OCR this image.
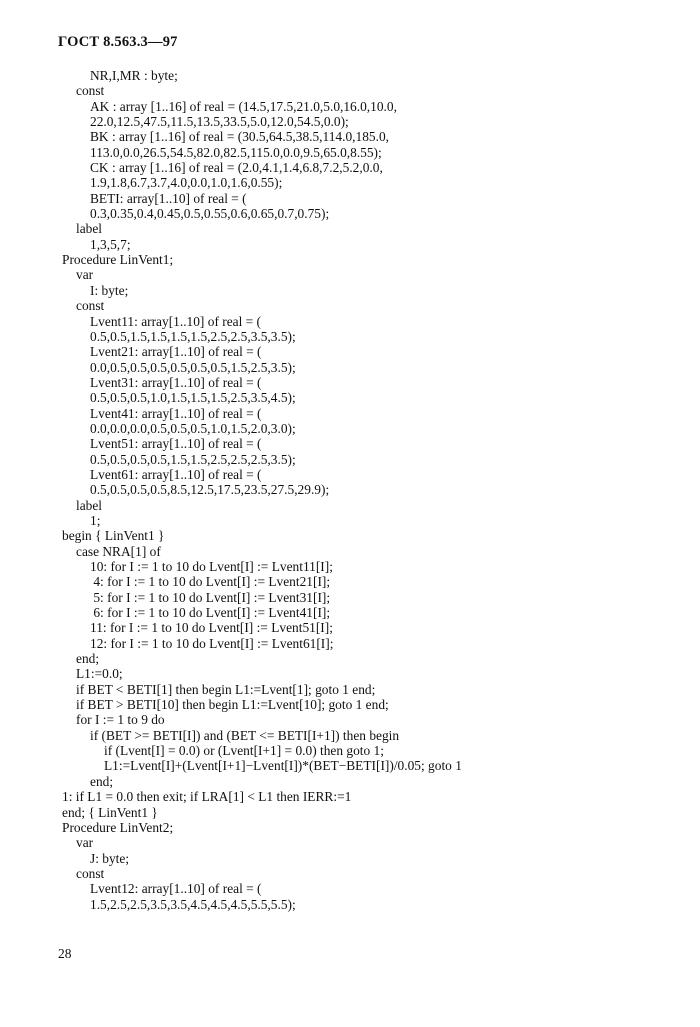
ГОСТ 8.563.3—97
NR,I,MR : byte;
const
AK : array [1..16] of real = (14.5,17.5,21.0,5.0,16.0,10.0,
22.0,12.5,47.5,11.5,13.5,33.5,5.0,12.0,54.5,0.0);
BK : array [1..16] of real = (30.5,64.5,38.5,114.0,185.0,
113.0,0.0,26.5,54.5,82.0,82.5,115.0,0.0,9.5,65.0,8.55);
CK : array [1..16] of real = (2.0,4.1,1.4,6.8,7.2,5.2,0.0,
1.9,1.8,6.7,3.7,4.0,0.0,1.0,1.6,0.55);
BETI: array[1..10] of real = (
0.3,0.35,0.4,0.45,0.5,0.55,0.6,0.65,0.7,0.75);
label
1,3,5,7;
Procedure LinVent1;
var
I: byte;
const
Lvent11: array[1..10] of real = (
0.5,0.5,1.5,1.5,1.5,1.5,2.5,2.5,3.5,3.5);
Lvent21: array[1..10] of real = (
0.0,0.5,0.5,0.5,0.5,0.5,0.5,1.5,2.5,3.5);
Lvent31: array[1..10] of real = (
0.5,0.5,0.5,1.0,1.5,1.5,1.5,2.5,3.5,4.5);
Lvent41: array[1..10] of real = (
0.0,0.0,0.0,0.5,0.5,0.5,1.0,1.5,2.0,3.0);
Lvent51: array[1..10] of real = (
0.5,0.5,0.5,0.5,1.5,1.5,2.5,2.5,2.5,3.5);
Lvent61: array[1..10] of real = (
0.5,0.5,0.5,0.5,8.5,12.5,17.5,23.5,27.5,29.9);
label
1;
begin { LinVent1 }
case NRA[1] of
10: for I := 1 to 10 do Lvent[I] := Lvent11[I];
4: for I := 1 to 10 do Lvent[I] := Lvent21[I];
5: for I := 1 to 10 do Lvent[I] := Lvent31[I];
6: for I := 1 to 10 do Lvent[I] := Lvent41[I];
11: for I := 1 to 10 do Lvent[I] := Lvent51[I];
12: for I := 1 to 10 do Lvent[I] := Lvent61[I];
end;
L1:=0.0;
if BET < BETI[1] then begin L1:=Lvent[1]; goto 1 end;
if BET > BETI[10] then begin L1:=Lvent[10]; goto 1 end;
for I := 1 to 9 do
if (BET >= BETI[I]) and (BET <= BETI[I+1]) then begin
if (Lvent[I] = 0.0) or (Lvent[I+1] = 0.0) then goto 1;
L1:=Lvent[I]+(Lvent[I+1]−Lvent[I])*(BET−BETI[I])/0.05; goto 1
end;
1: if L1 = 0.0 then exit; if LRA[1] < L1 then IERR:=1
end; { LinVent1 }
Procedure LinVent2;
var
J: byte;
const
Lvent12: array[1..10] of real = (
1.5,2.5,2.5,3.5,3.5,4.5,4.5,4.5,5.5,5.5);
28
